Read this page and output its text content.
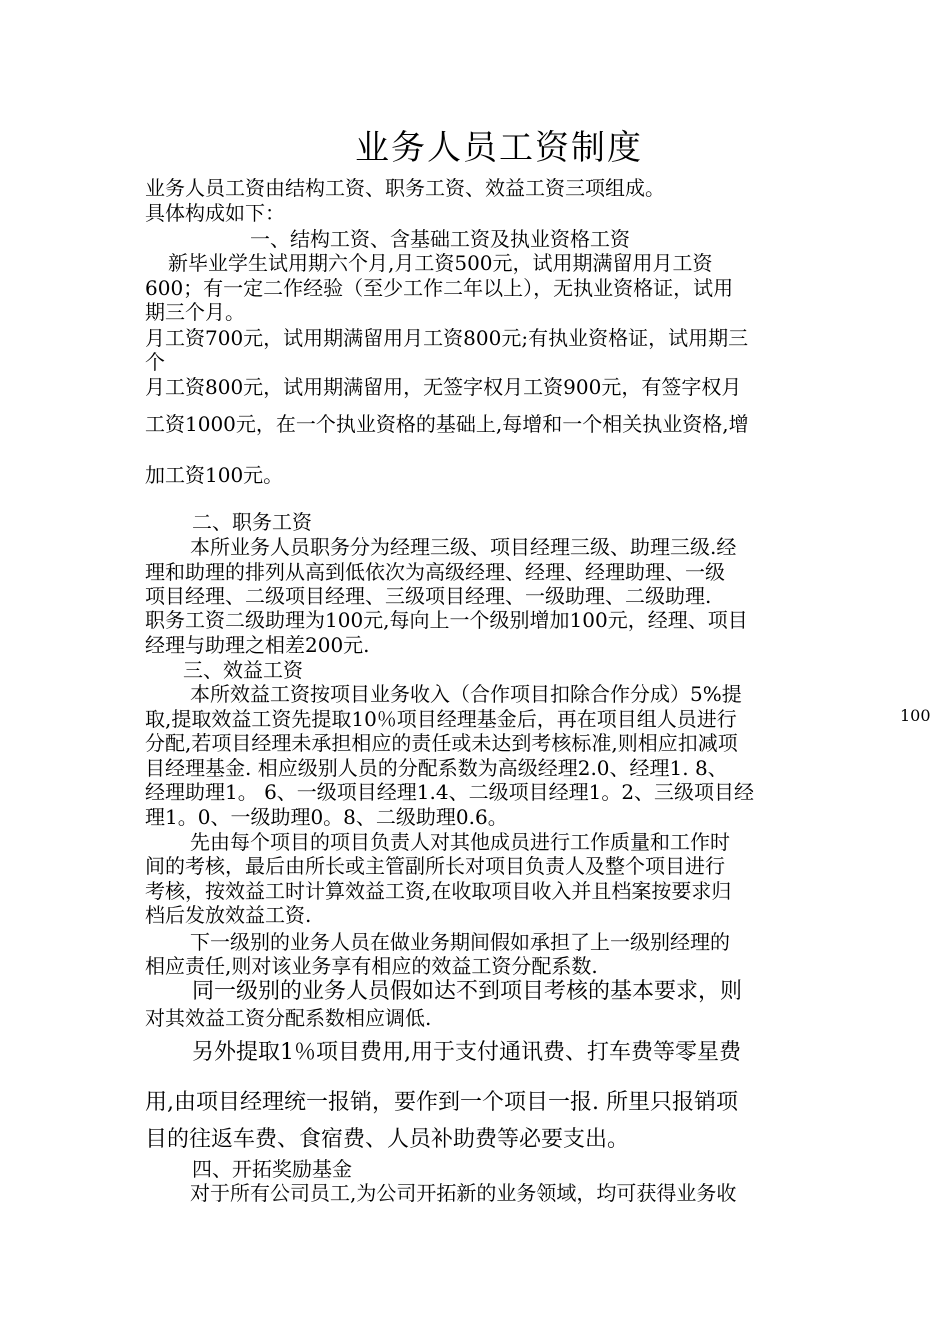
业务人员工资制度
业务人员工资由结构工资、职务工资、效益工资三项组成。
具体构成如下：
一、结构工资、含基础工资及执业资格工资
新毕业学生试用期六个月,月工资500元，试用期满留用月工资
600；有一定二作经验（至少工作二年以上），无执业资格证，试用
期三个月。
月工资700元，试用期满留用月工资800元;有执业资格证，试用期三
个
月工资800元，试用期满留用，无签字权月工资900元，有签字权月
工资1000元，在一个执业资格的基础上,每增和一个相关执业资格,增
加工资100元。
二、职务工资
本所业务人员职务分为经理三级、项目经理三级、助理三级.经
理和助理的排列从高到低依次为高级经理、经理、经理助理、一级
项目经理、二级项目经理、三级项目经理、一级助理、二级助理.
职务工资二级助理为100元,每向上一个级别增加100元，经理、项目
经理与助理之相差200元.
三、效益工资
本所效益工资按项目业务收入（合作项目扣除合作分成）5%提
取,提取效益工资先提取10％项目经理基金后，再在项目组人员进行
分配,若项目经理未承担相应的责任或未达到考核标准,则相应扣减项
目经理基金. 相应级别人员的分配系数为高级经理2.0、经理1. 8、
经理助理1。 6、一级项目经理1.4、二级项目经理1。2、三级项目经
理1。0、一级助理0。8、二级助理0.6。
先由每个项目的项目负责人对其他成员进行工作质量和工作时
间的考核，最后由所长或主管副所长对项目负责人及整个项目进行
考核，按效益工时计算效益工资,在收取项目收入并且档案按要求归
档后发放效益工资.
下一级别的业务人员在做业务期间假如承担了上一级别经理的
相应责任,则对该业务享有相应的效益工资分配系数.
同一级别的业务人员假如达不到项目考核的基本要求，则
对其效益工资分配系数相应调低.
另外提取1％项目费用,用于支付通讯费、打车费等零星费
用,由项目经理统一报销，要作到一个项目一报. 所里只报销项
目的往返车费、食宿费、人员补助费等必要支出。
四、开拓奖励基金
对于所有公司员工,为公司开拓新的业务领域，均可获得业务收
100
